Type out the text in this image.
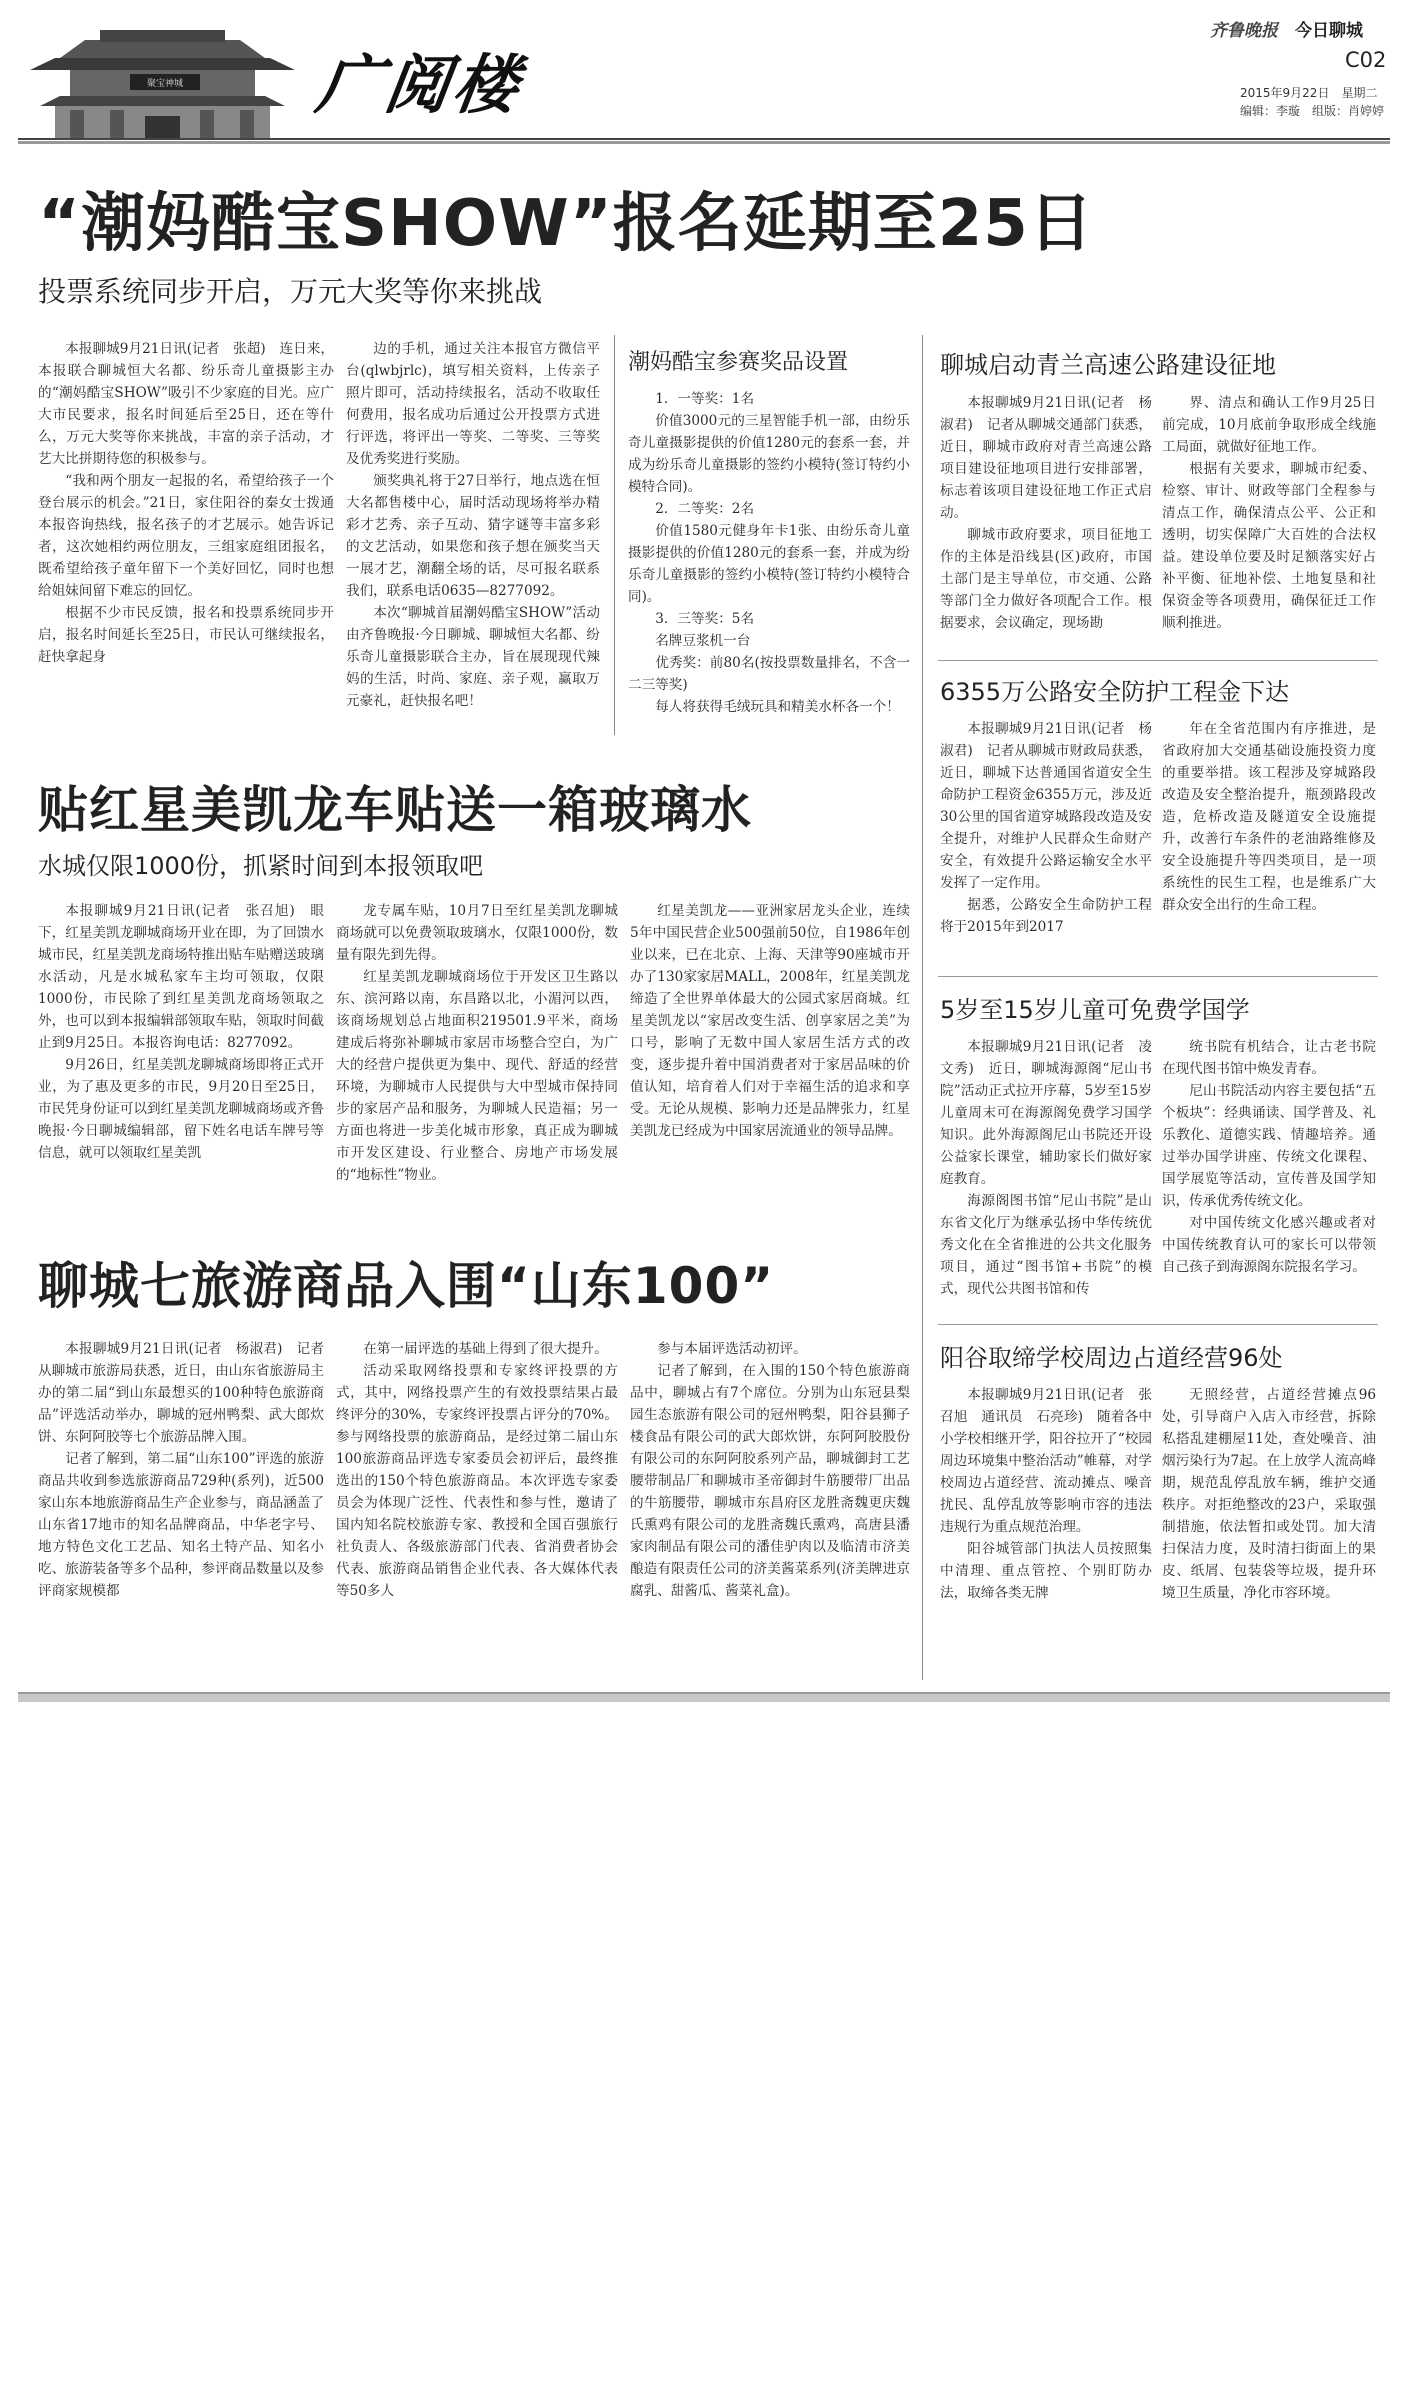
聚宝神城 广阅楼
齐鲁晚报　 今日聊城
C02
2015年9月22日　星期二
编辑：李璇　组版：肖婷婷
“潮妈酷宝SHOW”报名延期至25日
投票系统同步开启，万元大奖等你来挑战

本报聊城9月21日讯(记者　张超)　连日来，本报联合聊城恒大名都、纷乐奇儿童摄影主办的“潮妈酷宝SHOW”吸引不少家庭的目光。应广大市民要求，报名时间延后至25日，还在等什么，万元大奖等你来挑战，丰富的亲子活动，才艺大比拼期待您的积极参与。

“我和两个朋友一起报的名，希望给孩子一个登台展示的机会。”21日，家住阳谷的秦女士拨通本报咨询热线，报名孩子的才艺展示。她告诉记者，这次她相约两位朋友，三组家庭组团报名，既希望给孩子童年留下一个美好回忆，同时也想给姐妹间留下难忘的回忆。

根据不少市民反馈，报名和投票系统同步开启，报名时间延长至25日，市民认可继续报名，赶快拿起身

边的手机，通过关注本报官方微信平台(qlwbjrlc)，填写相关资料，上传亲子照片即可，活动持续报名，活动不收取任何费用，报名成功后通过公开投票方式进行评选，将评出一等奖、二等奖、三等奖及优秀奖进行奖励。

颁奖典礼将于27日举行，地点选在恒大名都售楼中心，届时活动现场将举办精彩才艺秀、亲子互动、猜字谜等丰富多彩的文艺活动，如果您和孩子想在颁奖当天一展才艺，潮翻全场的话，尽可报名联系我们，联系电话0635—8277092。

本次“聊城首届潮妈酷宝SHOW”活动由齐鲁晚报·今日聊城、聊城恒大名都、纷乐奇儿童摄影联合主办，旨在展现现代辣妈的生活，时尚、家庭、亲子观，赢取万元豪礼，赶快报名吧！

潮妈酷宝参赛奖品设置

1．一等奖：1名

价值3000元的三星智能手机一部，由纷乐奇儿童摄影提供的价值1280元的套系一套，并成为纷乐奇儿童摄影的签约小模特(签订特约小模特合同)。

2．二等奖：2名

价值1580元健身年卡1张、由纷乐奇儿童摄影提供的价值1280元的套系一套，并成为纷乐奇儿童摄影的签约小模特(签订特约小模特合同)。

3．三等奖：5名

名牌豆浆机一台

优秀奖：前80名(按投票数量排名，不含一二三等奖)

每人将获得毛绒玩具和精美水杯各一个！

贴红星美凯龙车贴送一箱玻璃水
水城仅限1000份，抓紧时间到本报领取吧

本报聊城9月21日讯(记者　张召旭)　眼下，红星美凯龙聊城商场开业在即，为了回馈水城市民，红星美凯龙商场特推出贴车贴赠送玻璃水活动，凡是水城私家车主均可领取，仅限1000份，市民除了到红星美凯龙商场领取之外，也可以到本报编辑部领取车贴，领取时间截止到9月25日。本报咨询电话：8277092。

9月26日，红星美凯龙聊城商场即将正式开业，为了惠及更多的市民，9月20日至25日，市民凭身份证可以到红星美凯龙聊城商场或齐鲁晚报·今日聊城编辑部，留下姓名电话车牌号等信息，就可以领取红星美凯

龙专属车贴，10月7日至红星美凯龙聊城商场就可以免费领取玻璃水，仅限1000份，数量有限先到先得。

红星美凯龙聊城商场位于开发区卫生路以东、滨河路以南，东昌路以北，小湄河以西，该商场规划总占地面积219501.9平米，商场建成后将弥补聊城市家居市场整合空白，为广大的经营户提供更为集中、现代、舒适的经营环境，为聊城市人民提供与大中型城市保持同步的家居产品和服务，为聊城人民造福；另一方面也将进一步美化城市形象，真正成为聊城市开发区建设、行业整合、房地产市场发展的“地标性”物业。

红星美凯龙——亚洲家居龙头企业，连续5年中国民营企业500强前50位，自1986年创业以来，已在北京、上海、天津等90座城市开办了130家家居MALL，2008年，红星美凯龙缔造了全世界单体最大的公园式家居商城。红星美凯龙以“家居改变生活、创享家居之美”为口号，影响了无数中国人家居生活方式的改变，逐步提升着中国消费者对于家居品味的价值认知，培育着人们对于幸福生活的追求和享受。无论从规模、影响力还是品牌张力，红星美凯龙已经成为中国家居流通业的领导品牌。

聊城七旅游商品入围“山东100”

本报聊城9月21日讯(记者　杨淑君)　记者从聊城市旅游局获悉，近日，由山东省旅游局主办的第二届“到山东最想买的100种特色旅游商品”评选活动举办，聊城的冠州鸭梨、武大郎炊饼、东阿阿胶等七个旅游品牌入围。

记者了解到，第二届“山东100”评选的旅游商品共收到参选旅游商品729种(系列)，近500家山东本地旅游商品生产企业参与，商品涵盖了山东省17地市的知名品牌商品，中华老字号、地方特色文化工艺品、知名土特产品、知名小吃、旅游装备等多个品种，参评商品数量以及参评商家规模都

在第一届评选的基础上得到了很大提升。

活动采取网络投票和专家终评投票的方式，其中，网络投票产生的有效投票结果占最终评分的30%，专家终评投票占评分的70%。参与网络投票的旅游商品，是经过第二届山东100旅游商品评选专家委员会初评后，最终推选出的150个特色旅游商品。本次评选专家委员会为体现广泛性、代表性和参与性，邀请了国内知名院校旅游专家、教授和全国百强旅行社负责人、各级旅游部门代表、省消费者协会代表、旅游商品销售企业代表、各大媒体代表等50多人

参与本届评选活动初评。

记者了解到，在入围的150个特色旅游商品中，聊城占有7个席位。分别为山东冠县梨园生态旅游有限公司的冠州鸭梨，阳谷县狮子楼食品有限公司的武大郎炊饼，东阿阿胶股份有限公司的东阿阿胶系列产品，聊城御封工艺腰带制品厂和聊城市圣帝御封牛筋腰带厂出品的牛筋腰带，聊城市东昌府区龙胜斋魏更庆魏氏熏鸡有限公司的龙胜斋魏氏熏鸡，高唐县潘家肉制品有限公司的潘佳驴肉以及临清市济美酿造有限责任公司的济美酱菜系列(济美牌进京腐乳、甜酱瓜、酱菜礼盒)。

聊城启动青兰高速公路建设征地

本报聊城9月21日讯(记者　杨淑君)　记者从聊城交通部门获悉，近日，聊城市政府对青兰高速公路项目建设征地项目进行安排部署，标志着该项目建设征地工作正式启动。

聊城市政府要求，项目征地工作的主体是沿线县(区)政府，市国土部门是主导单位，市交通、公路等部门全力做好各项配合工作。根据要求，会议确定，现场勘

界、清点和确认工作9月25日前完成，10月底前争取形成全线施工局面，就做好征地工作。

根据有关要求，聊城市纪委、检察、审计、财政等部门全程参与清点工作，确保清点公平、公正和透明，切实保障广大百姓的合法权益。建设单位要及时足额落实好占补平衡、征地补偿、土地复垦和社保资金等各项费用，确保征迁工作顺利推进。

6355万公路安全防护工程金下达

本报聊城9月21日讯(记者　杨淑君)　记者从聊城市财政局获悉，近日，聊城下达普通国省道安全生命防护工程资金6355万元，涉及近30公里的国省道穿城路段改造及安全提升，对维护人民群众生命财产安全，有效提升公路运输安全水平发挥了一定作用。

据悉，公路安全生命防护工程将于2015年到2017

年在全省范围内有序推进，是省政府加大交通基础设施投资力度的重要举措。该工程涉及穿城路段改造及安全整治提升，瓶颈路段改造，危桥改造及隧道安全设施提升，改善行车条件的老油路维修及安全设施提升等四类项目，是一项系统性的民生工程，也是维系广大群众安全出行的生命工程。

5岁至15岁儿童可免费学国学

本报聊城9月21日讯(记者　凌文秀)　近日，聊城海源阁“尼山书院”活动正式拉开序幕，5岁至15岁儿童周末可在海源阁免费学习国学知识。此外海源阁尼山书院还开设公益家长课堂，辅助家长们做好家庭教育。

海源阁图书馆“尼山书院”是山东省文化厅为继承弘扬中华传统优秀文化在全省推进的公共文化服务项目，通过“图书馆+书院”的模式，现代公共图书馆和传

统书院有机结合，让古老书院在现代图书馆中焕发青春。

尼山书院活动内容主要包括“五个板块”：经典诵读、国学普及、礼乐教化、道德实践、情趣培养。通过举办国学讲座、传统文化课程、国学展览等活动，宣传普及国学知识，传承优秀传统文化。

对中国传统文化感兴趣或者对中国传统教育认可的家长可以带领自己孩子到海源阁东院报名学习。

阳谷取缔学校周边占道经营96处

本报聊城9月21日讯(记者　张召旭　通讯员　石亮珍)　随着各中小学校相继开学，阳谷拉开了“校园周边环境集中整治活动”帷幕，对学校周边占道经营、流动摊点、噪音扰民、乱停乱放等影响市容的违法违规行为重点规范治理。

阳谷城管部门执法人员按照集中清理、重点管控、个别盯防办法，取缔各类无牌

无照经营，占道经营摊点96处，引导商户入店入市经营，拆除私搭乱建棚屋11处，查处噪音、油烟污染行为7起。在上放学人流高峰期，规范乱停乱放车辆，维护交通秩序。对拒绝整改的23户，采取强制措施，依法暂扣或处罚。加大清扫保洁力度，及时清扫街面上的果皮、纸屑、包装袋等垃圾，提升环境卫生质量，净化市容环境。
